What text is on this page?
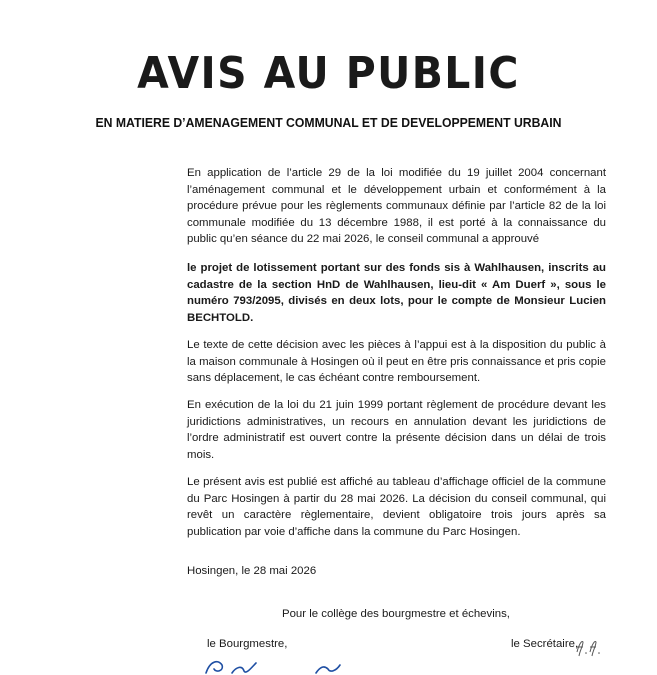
AVIS AU PUBLIC
EN MATIERE D’AMENAGEMENT COMMUNAL ET DE DEVELOPPEMENT URBAIN
En application de l’article 29 de la loi modifiée du 19 juillet 2004 concernant l’aménagement communal et le développement urbain et conformément à la procédure prévue pour les règlements communaux définie par l’article 82 de la loi communale modifiée du 13 décembre 1988, il est porté à la connaissance du public qu’en séance du 22 mai 2026, le conseil communal a approuvé
le projet de lotissement portant sur des fonds sis à Wahlhausen, inscrits au cadastre de la section HnD de Wahlhausen, lieu-dit « Am Duerf », sous le numéro 793/2095, divisés en deux lots, pour le compte de Monsieur Lucien BECHTOLD.
Le texte de cette décision avec les pièces à l’appui est à la disposition du public à la maison communale à Hosingen où il peut en être pris connaissance et pris copie sans déplacement, le cas échéant contre remboursement.
En exécution de la loi du 21 juin 1999 portant règlement de procédure devant les juridictions administratives, un recours en annulation devant les juridictions de l’ordre administratif est ouvert contre la présente décision dans un délai de trois mois.
Le présent avis est publié est affiché au tableau d’affichage officiel de la commune du Parc Hosingen à partir du 28 mai 2026. La décision du conseil communal, qui revêt un caractère règlementaire, devient obligatoire trois jours après sa publication par voie d’affiche dans la commune du Parc Hosingen.
Hosingen, le 28 mai 2026
Pour le collège des bourgmestre et échevins,
le Bourgmestre,	le Secrétaire,
